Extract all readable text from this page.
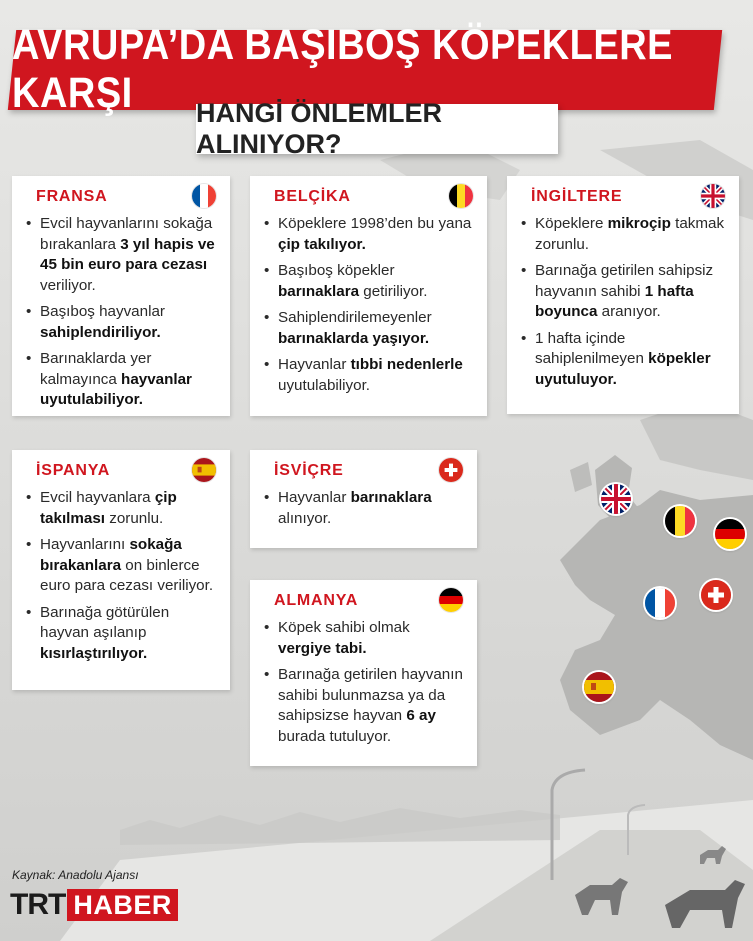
AVRUPA’DA BAŞIBOŞ KÖPEKLERE KARŞI	HANGİ ÖNLEMLER ALINIYOR?
FRANSA
• Evcil hayvanlarını sokağa bırakanlara 3 yıl hapis ve 45 bin euro para cezası veriliyor.
• Başıboş hayvanlar sahiplendiriliyor.
• Barınaklarda yer kalmayınca hayvanlar uyutulabiliyor.
BELÇİKA
• Köpeklere 1998’den bu yana çip takılıyor.
• Başıboş köpekler barınaklara getiriliyor.
• Sahiplendirilemeyenler barınaklarda yaşıyor.
• Hayvanlar tıbbi nedenlerle uyutulabiliyor.
İNGİLTERE
• Köpeklere mikroçip takmak zorunlu.
• Barınağa getirilen sahipsiz hayvanın sahibi 1 hafta boyunca aranıyor.
• 1 hafta içinde sahiplenilmeyen köpekler uyutuluyor.
İSPANYA
• Evcil hayvanlara çip takılması zorunlu.
• Hayvanlarını sokağa bırakanlara on binlerce euro para cezası veriliyor.
• Barınağa götürülen hayvan aşılanıp kısırlaştırılıyor.
İSVİÇRE
• Hayvanlar barınaklara alınıyor.
ALMANYA
• Köpek sahibi olmak vergiye tabi.
• Barınağa getirilen hayvanın sahibi bulunmazsa ya da sahipsizse hayvan 6 ay burada tutuluyor.
Kaynak: Anadolu Ajansı
TRT HABER
